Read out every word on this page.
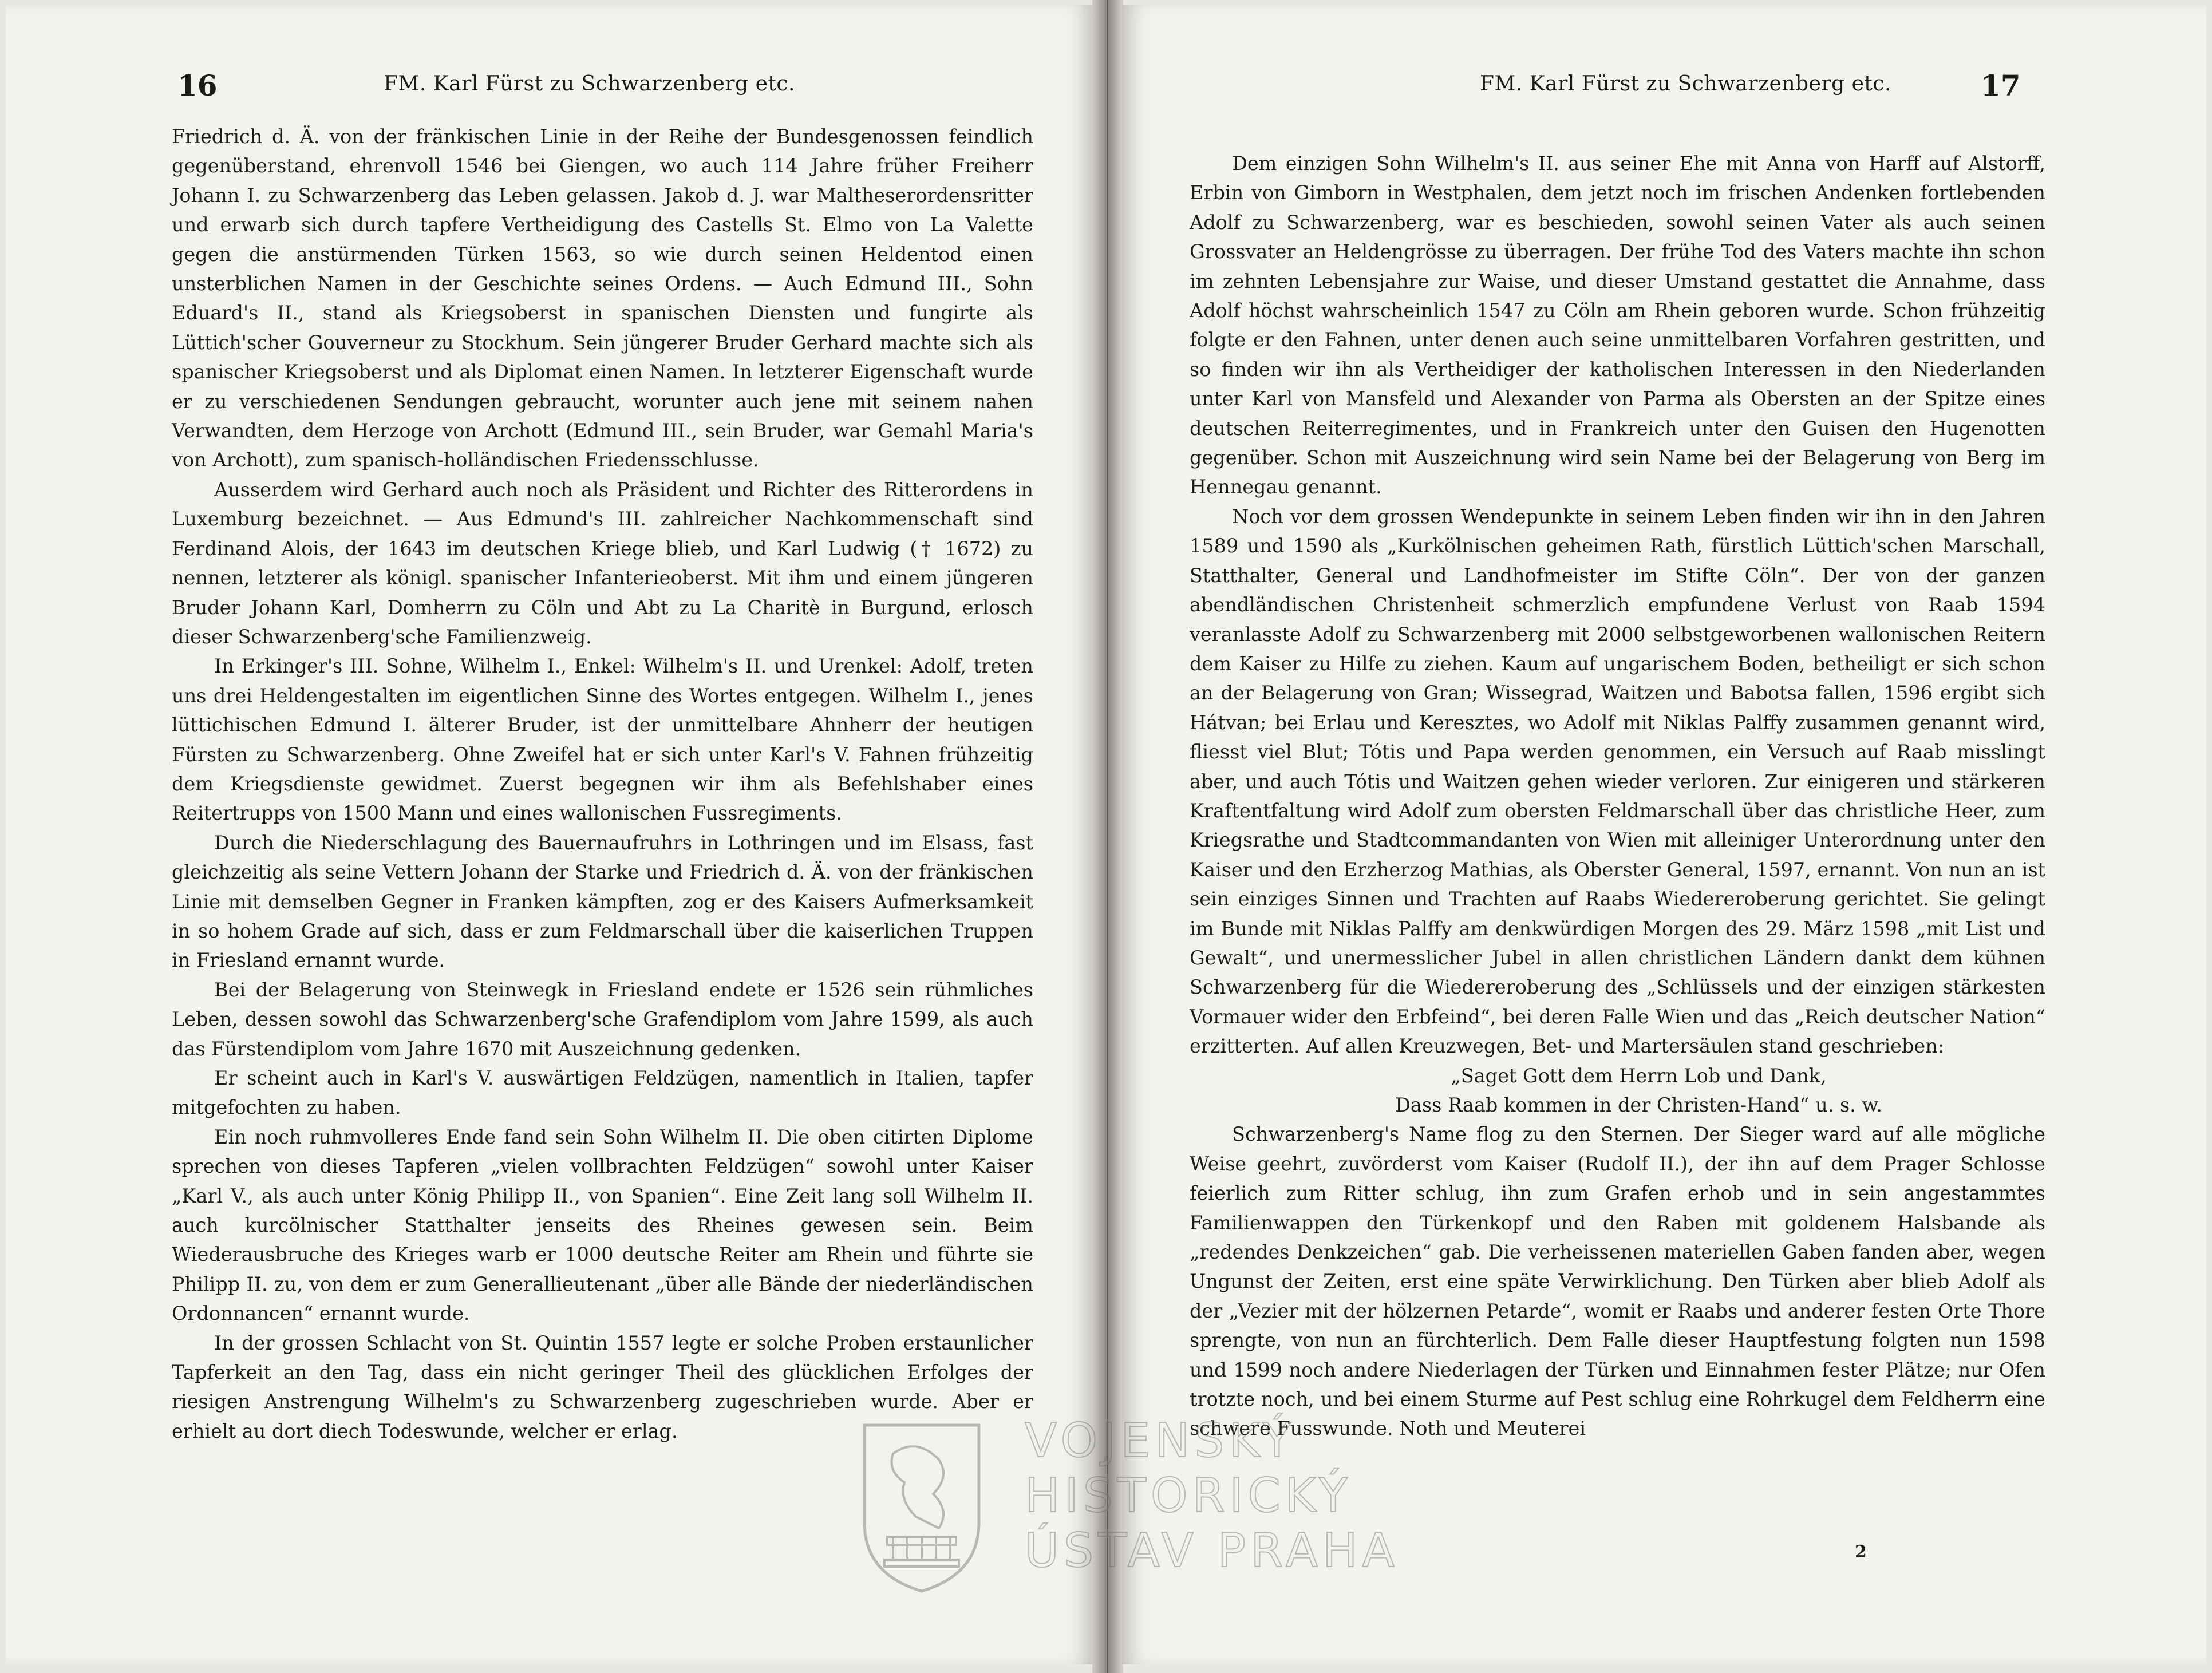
16	FM. Karl Fürst zu Schwarzenberg etc.

Friedrich d. Ä. von der fränkischen Linie in der Reihe der Bundesgenossen feindlich gegenüberstand, ehrenvoll 1546 bei Giengen, wo auch 114 Jahre früher Freiherr Johann I. zu Schwarzenberg das Leben gelassen. Jakob d. J. war Maltheserordensritter und erwarb sich durch tapfere Vertheidigung des Castells St. Elmo von La Valette gegen die anstürmenden Türken 1563, so wie durch seinen Heldentod einen unsterblichen Namen in der Geschichte seines Ordens. — Auch Edmund III., Sohn Eduard's II., stand als Kriegsoberst in spanischen Diensten und fungirte als Lüttich'scher Gouverneur zu Stockhum. Sein jüngerer Bruder Gerhard machte sich als spanischer Kriegsoberst und als Diplomat einen Namen. In letzterer Eigenschaft wurde er zu verschiedenen Sendungen gebraucht, worunter auch jene mit seinem nahen Verwandten, dem Herzoge von Archott (Edmund III., sein Bruder, war Gemahl Maria's von Archott), zum spanisch-holländischen Friedensschlusse.

Ausserdem wird Gerhard auch noch als Präsident und Richter des Ritterordens in Luxemburg bezeichnet. — Aus Edmund's III. zahlreicher Nachkommenschaft sind Ferdinand Alois, der 1643 im deutschen Kriege blieb, und Karl Ludwig († 1672) zu nennen, letzterer als königl. spanischer Infanterieoberst. Mit ihm und einem jüngeren Bruder Johann Karl, Domherrn zu Cöln und Abt zu La Charitè in Burgund, erlosch dieser Schwarzenberg'sche Familienzweig.

In Erkinger's III. Sohne, Wilhelm I., Enkel: Wilhelm's II. und Urenkel: Adolf, treten uns drei Heldengestalten im eigentlichen Sinne des Wortes entgegen. Wilhelm I., jenes lüttichischen Edmund I. älterer Bruder, ist der unmittelbare Ahnherr der heutigen Fürsten zu Schwarzenberg. Ohne Zweifel hat er sich unter Karl's V. Fahnen frühzeitig dem Kriegsdienste gewidmet. Zuerst begegnen wir ihm als Befehlshaber eines Reitertrupps von 1500 Mann und eines wallonischen Fussregiments.

Durch die Niederschlagung des Bauernaufruhrs in Lothringen und im Elsass, fast gleichzeitig als seine Vettern Johann der Starke und Friedrich d. Ä. von der fränkischen Linie mit demselben Gegner in Franken kämpften, zog er des Kaisers Aufmerksamkeit in so hohem Grade auf sich, dass er zum Feldmarschall über die kaiserlichen Truppen in Friesland ernannt wurde.

Bei der Belagerung von Steinwegk in Friesland endete er 1526 sein rühmliches Leben, dessen sowohl das Schwarzenberg'sche Grafendiplom vom Jahre 1599, als auch das Fürstendiplom vom Jahre 1670 mit Auszeichnung gedenken.

Er scheint auch in Karl's V. auswärtigen Feldzügen, namentlich in Italien, tapfer mitgefochten zu haben.

Ein noch ruhmvolleres Ende fand sein Sohn Wilhelm II. Die oben citirten Diplome sprechen von dieses Tapferen „vielen vollbrachten Feldzügen“ sowohl unter Kaiser „Karl V., als auch unter König Philipp II., von Spanien“. Eine Zeit lang soll Wilhelm II. auch kurcölnischer Statthalter jenseits des Rheines gewesen sein. Beim Wiederausbruche des Krieges warb er 1000 deutsche Reiter am Rhein und führte sie Philipp II. zu, von dem er zum Generallieutenant „über alle Bände der niederländischen Ordonnancen“ ernannt wurde.

In der grossen Schlacht von St. Quintin 1557 legte er solche Proben erstaunlicher Tapferkeit an den Tag, dass ein nicht geringer Theil des glücklichen Erfolges der riesigen Anstrengung Wilhelm's zu Schwarzenberg zugeschrieben wurde. Aber er erhielt au dort diech Todeswunde, welcher er erlag.

FM. Karl Fürst zu Schwarzenberg etc.	17

Dem einzigen Sohn Wilhelm's II. aus seiner Ehe mit Anna von Harff auf Alstorff, Erbin von Gimborn in Westphalen, dem jetzt noch im frischen Andenken fortlebenden Adolf zu Schwarzenberg, war es beschieden, sowohl seinen Vater als auch seinen Grossvater an Heldengrösse zu überragen. Der frühe Tod des Vaters machte ihn schon im zehnten Lebensjahre zur Waise, und dieser Umstand gestattet die Annahme, dass Adolf höchst wahrscheinlich 1547 zu Cöln am Rhein geboren wurde. Schon frühzeitig folgte er den Fahnen, unter denen auch seine unmittelbaren Vorfahren gestritten, und so finden wir ihn als Vertheidiger der katholischen Interessen in den Niederlanden unter Karl von Mansfeld und Alexander von Parma als Obersten an der Spitze eines deutschen Reiterregimentes, und in Frankreich unter den Guisen den Hugenotten gegenüber. Schon mit Auszeichnung wird sein Name bei der Belagerung von Berg im Hennegau genannt.

Noch vor dem grossen Wendepunkte in seinem Leben finden wir ihn in den Jahren 1589 und 1590 als „Kurkölnischen geheimen Rath, fürstlich Lüttich'schen Marschall, Statthalter, General und Landhofmeister im Stifte Cöln“. Der von der ganzen abendländischen Christenheit schmerzlich empfundene Verlust von Raab 1594 veranlasste Adolf zu Schwarzenberg mit 2000 selbstgeworbenen wallonischen Reitern dem Kaiser zu Hilfe zu ziehen. Kaum auf ungarischem Boden, betheiligt er sich schon an der Belagerung von Gran; Wissegrad, Waitzen und Babotsa fallen, 1596 ergibt sich Hátvan; bei Erlau und Keresztes, wo Adolf mit Niklas Palffy zusammen genannt wird, fliesst viel Blut; Tótis und Papa werden genommen, ein Versuch auf Raab misslingt aber, und auch Tótis und Waitzen gehen wieder verloren. Zur einigeren und stärkeren Kraftentfaltung wird Adolf zum obersten Feldmarschall über das christliche Heer, zum Kriegsrathe und Stadtcommandanten von Wien mit alleiniger Unterordnung unter den Kaiser und den Erzherzog Mathias, als Oberster General, 1597, ernannt. Von nun an ist sein einziges Sinnen und Trachten auf Raabs Wiedereroberung gerichtet. Sie gelingt im Bunde mit Niklas Palffy am denkwürdigen Morgen des 29. März 1598 „mit List und Gewalt“, und unermesslicher Jubel in allen christlichen Ländern dankt dem kühnen Schwarzenberg für die Wiedereroberung des „Schlüssels und der einzigen stärkesten Vormauer wider den Erbfeind“, bei deren Falle Wien und das „Reich deutscher Nation“ erzitterten. Auf allen Kreuzwegen, Bet- und Martersäulen stand geschrieben:

„Saget Gott dem Herrn Lob und Dank,

Dass Raab kommen in der Christen-Hand“ u. s. w.

Schwarzenberg's Name flog zu den Sternen. Der Sieger ward auf alle mögliche Weise geehrt, zuvörderst vom Kaiser (Rudolf II.), der ihn auf dem Prager Schlosse feierlich zum Ritter schlug, ihn zum Grafen erhob und in sein angestammtes Familienwappen den Türkenkopf und den Raben mit goldenem Halsbande als „redendes Denkzeichen“ gab. Die verheissenen materiellen Gaben fanden aber, wegen Ungunst der Zeiten, erst eine späte Verwirklichung. Den Türken aber blieb Adolf als der „Vezier mit der hölzernen Petarde“, womit er Raabs und anderer festen Orte Thore sprengte, von nun an fürchterlich. Dem Falle dieser Hauptfestung folgten nun 1598 und 1599 noch andere Niederlagen der Türken und Einnahmen fester Plätze; nur Ofen trotzte noch, und bei einem Sturme auf Pest schlug eine Rohrkugel dem Feldherrn eine schwere Fusswunde. Noth und Meuterei

2
